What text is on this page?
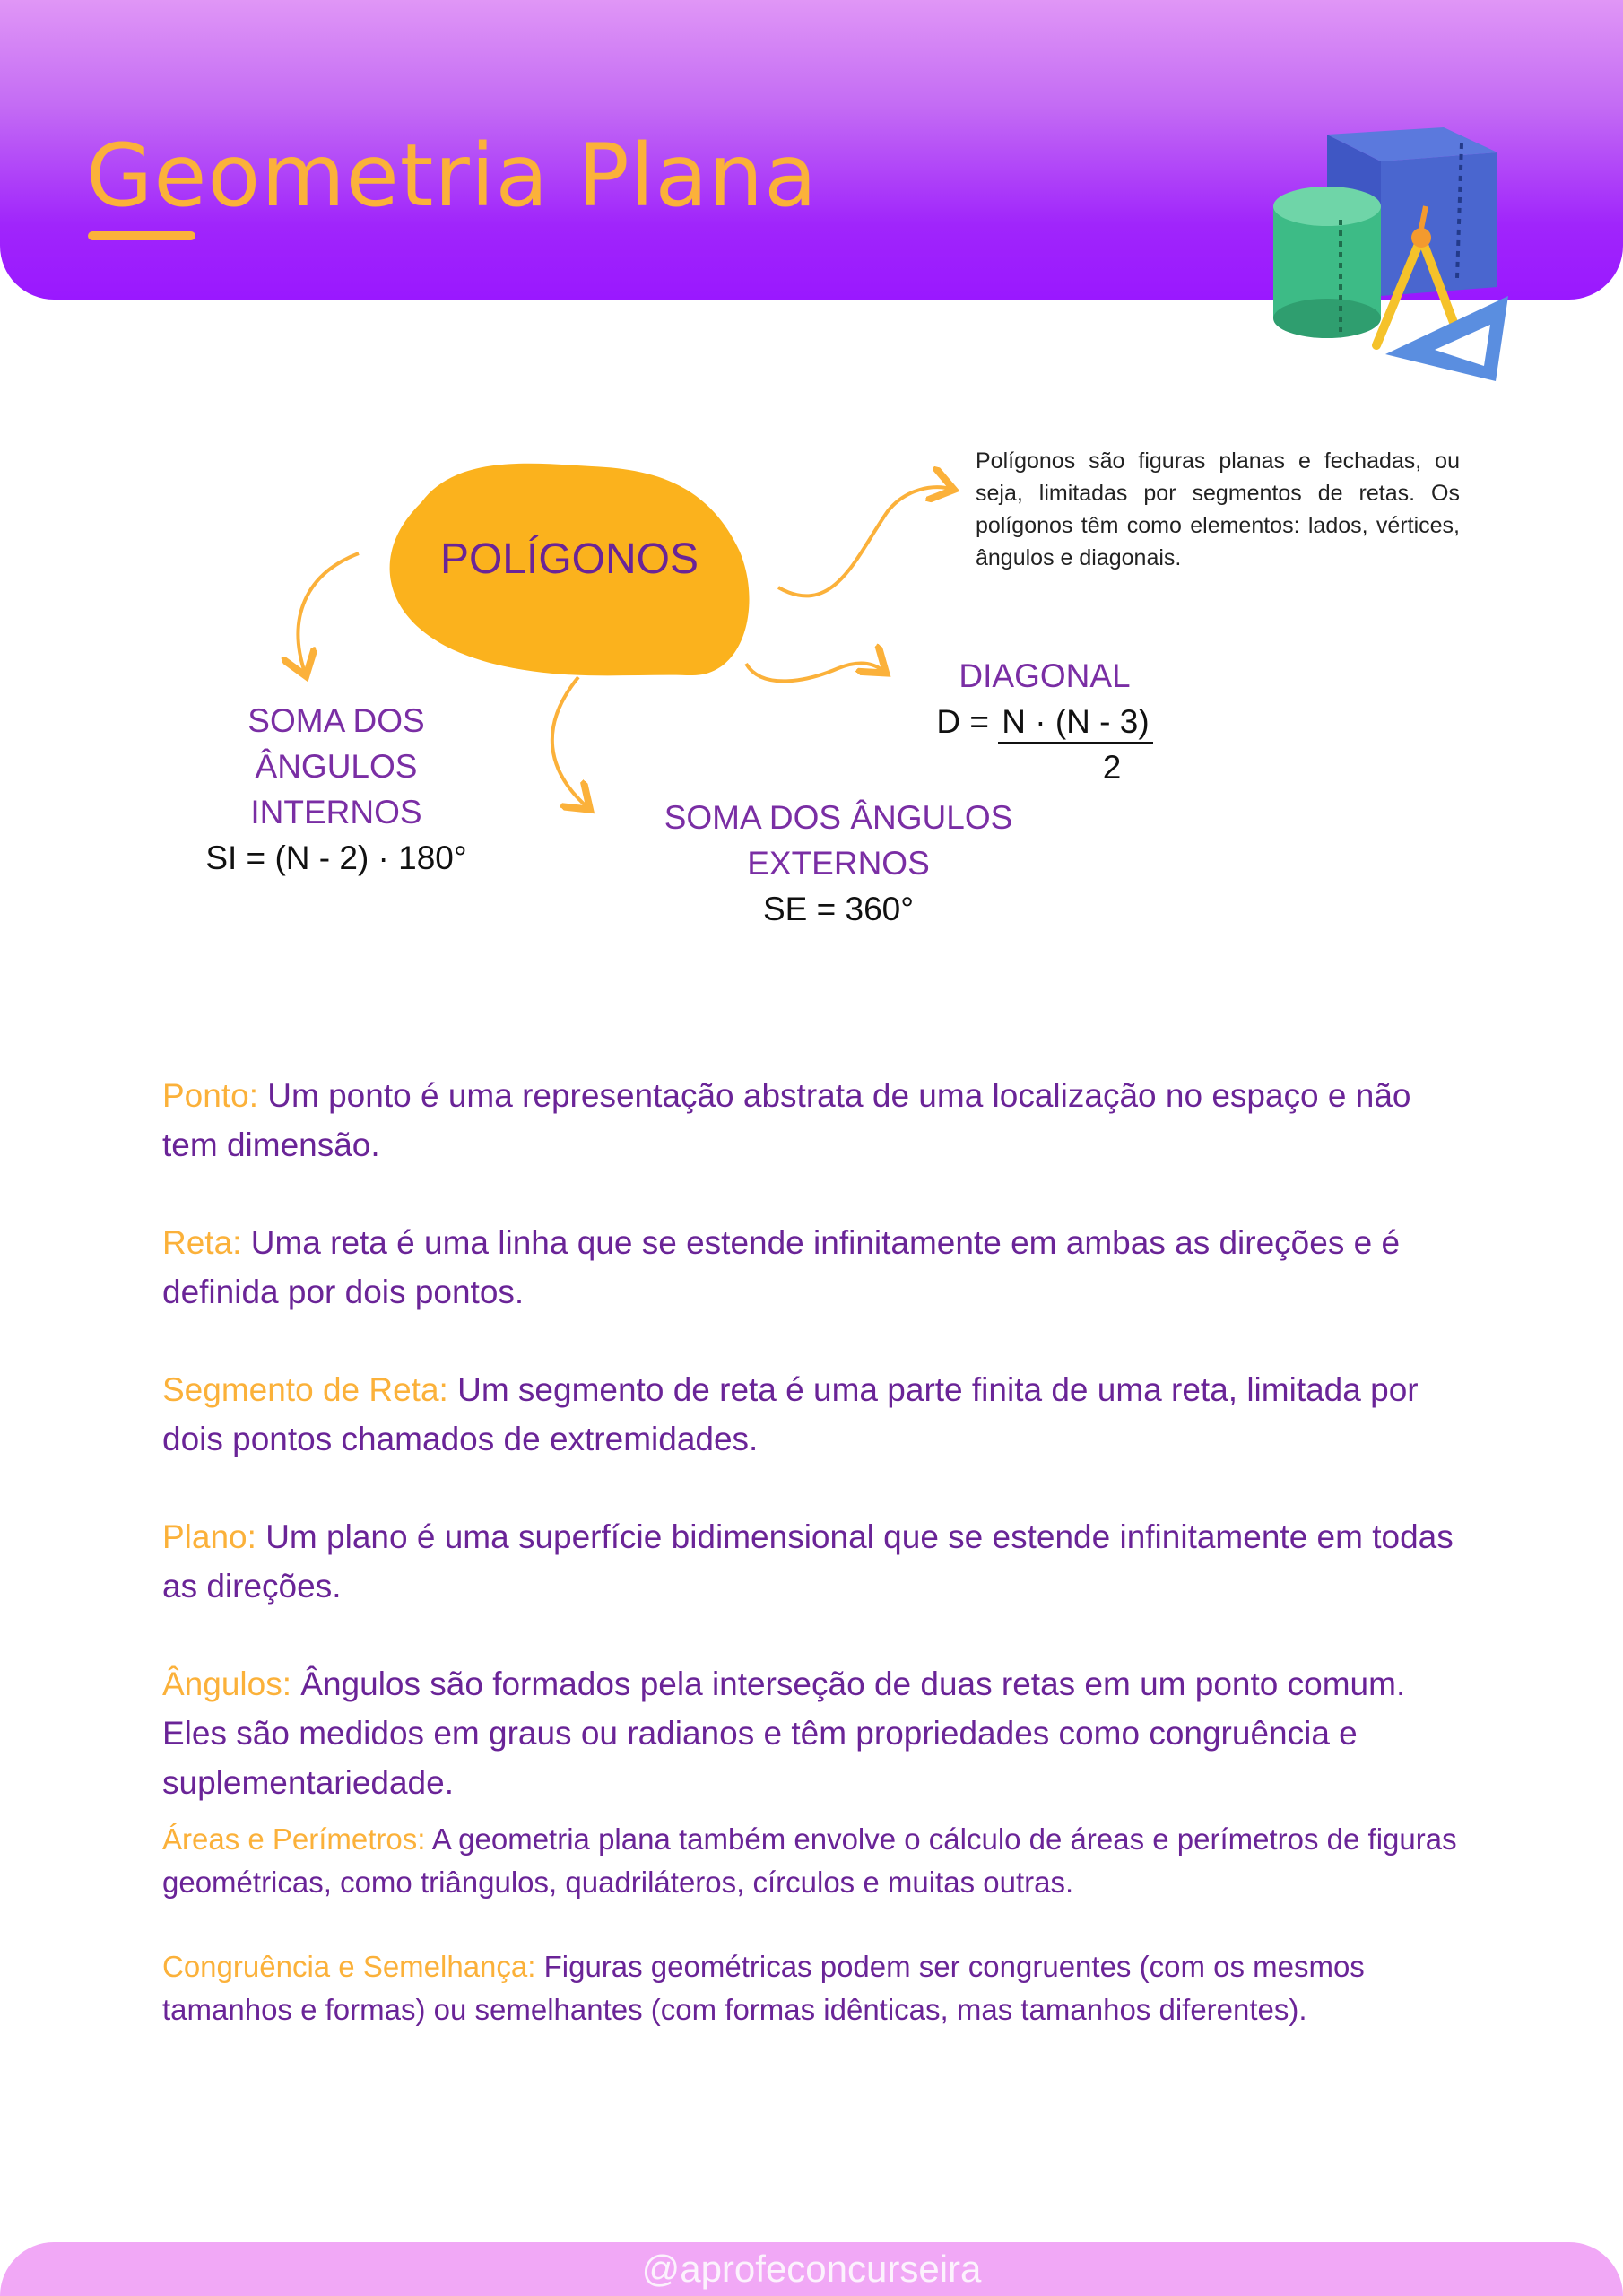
Geometria Plana
POLÍGONOS
Polígonos são figuras planas e fechadas, ou seja, limitadas por segmentos de retas. Os polígonos têm como elementos: lados, vértices, ângulos e diagonais.
SOMA DOS
ÂNGULOS
INTERNOS
SI = (N - 2) · 180°
SOMA DOS ÂNGULOS
EXTERNOS
SE = 360°
DIAGONAL
D = N · (N - 3)
2
Ponto: Um ponto é uma representação abstrata de uma localização no espaço e não tem dimensão.
Reta: Uma reta é uma linha que se estende infinitamente em ambas as direções e é definida por dois pontos.
Segmento de Reta: Um segmento de reta é uma parte finita de uma reta, limitada por dois pontos chamados de extremidades.
Plano: Um plano é uma superfície bidimensional que se estende infinitamente em todas as direções.
Ângulos: Ângulos são formados pela interseção de duas retas em um ponto comum. Eles são medidos em graus ou radianos e têm propriedades como congruência e suplementariedade.
Áreas e Perímetros: A geometria plana também envolve o cálculo de áreas e perímetros de figuras geométricas, como triângulos, quadriláteros, círculos e muitas outras.
Congruência e Semelhança: Figuras geométricas podem ser congruentes (com os mesmos tamanhos e formas) ou semelhantes (com formas idênticas, mas tamanhos diferentes).
@aprofeconcurseira
